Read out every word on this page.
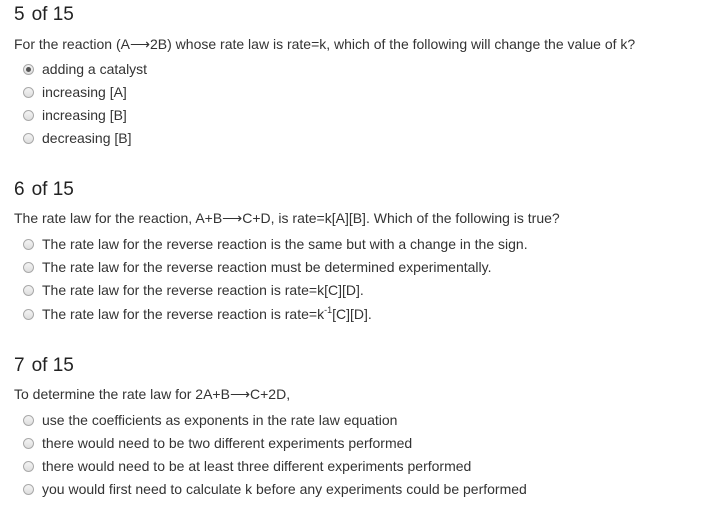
5 of 15
For the reaction (A⟶2B) whose rate law is rate=k, which of the following will change the value of k?
adding a catalyst
increasing [A]
increasing [B]
decreasing [B]
6 of 15
The rate law for the reaction, A+B⟶C+D, is rate=k[A][B]. Which of the following is true?
The rate law for the reverse reaction is the same but with a change in the sign.
The rate law for the reverse reaction must be determined experimentally.
The rate law for the reverse reaction is rate=k[C][D].
The rate law for the reverse reaction is $rate=k^{-1}[C][D]$.
7 of 15
To determine the rate law for 2A+B⟶C+2D,
use the coefficients as exponents in the rate law equation
there would need to be two different experiments performed
there would need to be at least three different experiments performed
you would first need to calculate k before any experiments could be performed
